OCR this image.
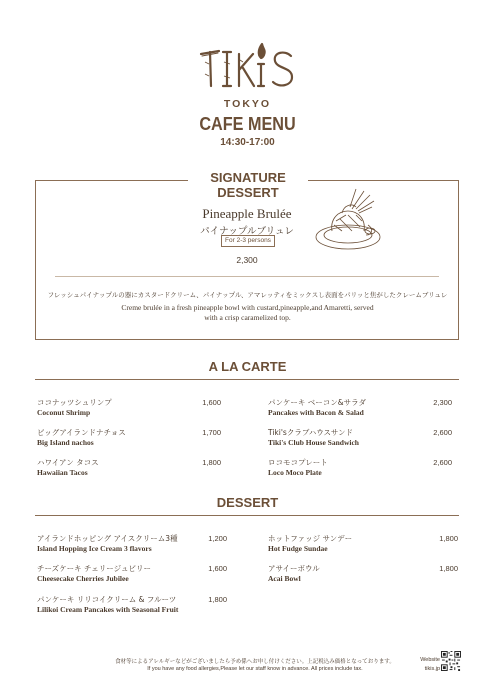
TOKYO
CAFE MENU
14:30-17:00
SIGNATURE DESSERT
Pineapple Brulée
パイナップルブリュレ
For 2-3 persons
2,300
フレッシュパイナップルの器にカスタードクリーム、パイナップル、アマレッティをミックスし表面をパリッと焦がしたクレームブリュレ
Creme brulée in a fresh pineapple bowl with custard,pineapple,and Amaretti, served
with a crisp caramelized top.
A LA CARTE
ココナッツシュリンプ
Coconut Shrimp
1,600
ビッグアイランドナチョス
Big Island nachos
1,700
ハワイアン タコス
Hawaiian Tacos
1,800
パンケーキ ベーコン&サラダ
Pancakes with Bacon & Salad
2,300
Tiki'sクラブハウスサンド
Tiki's Club House Sandwich
2,600
ロコモコプレート
Loco Moco Plate
2,600
DESSERT
アイランドホッピング アイスクリーム3種
Island Hopping Ice Cream 3 flavors
1,200
チーズケーキ チェリージュビリー
Cheesecake Cherries Jubilee
1,600
パンケーキ リリコイクリーム & フルーツ
Lilikoi Cream Pancakes with Seasonal Fruit
1,800
ホットファッジ サンデー
Hot Fudge Sundae
1,800
アサイーボウル
Acai Bowl
1,800
食材等によるアレルギーなどがございましたら予め係へお申し付けください。上記税込み価格となっております。
If you have any food allergies,Please let our staff know in advance. All prices include tax.
Website
tikis.jp
